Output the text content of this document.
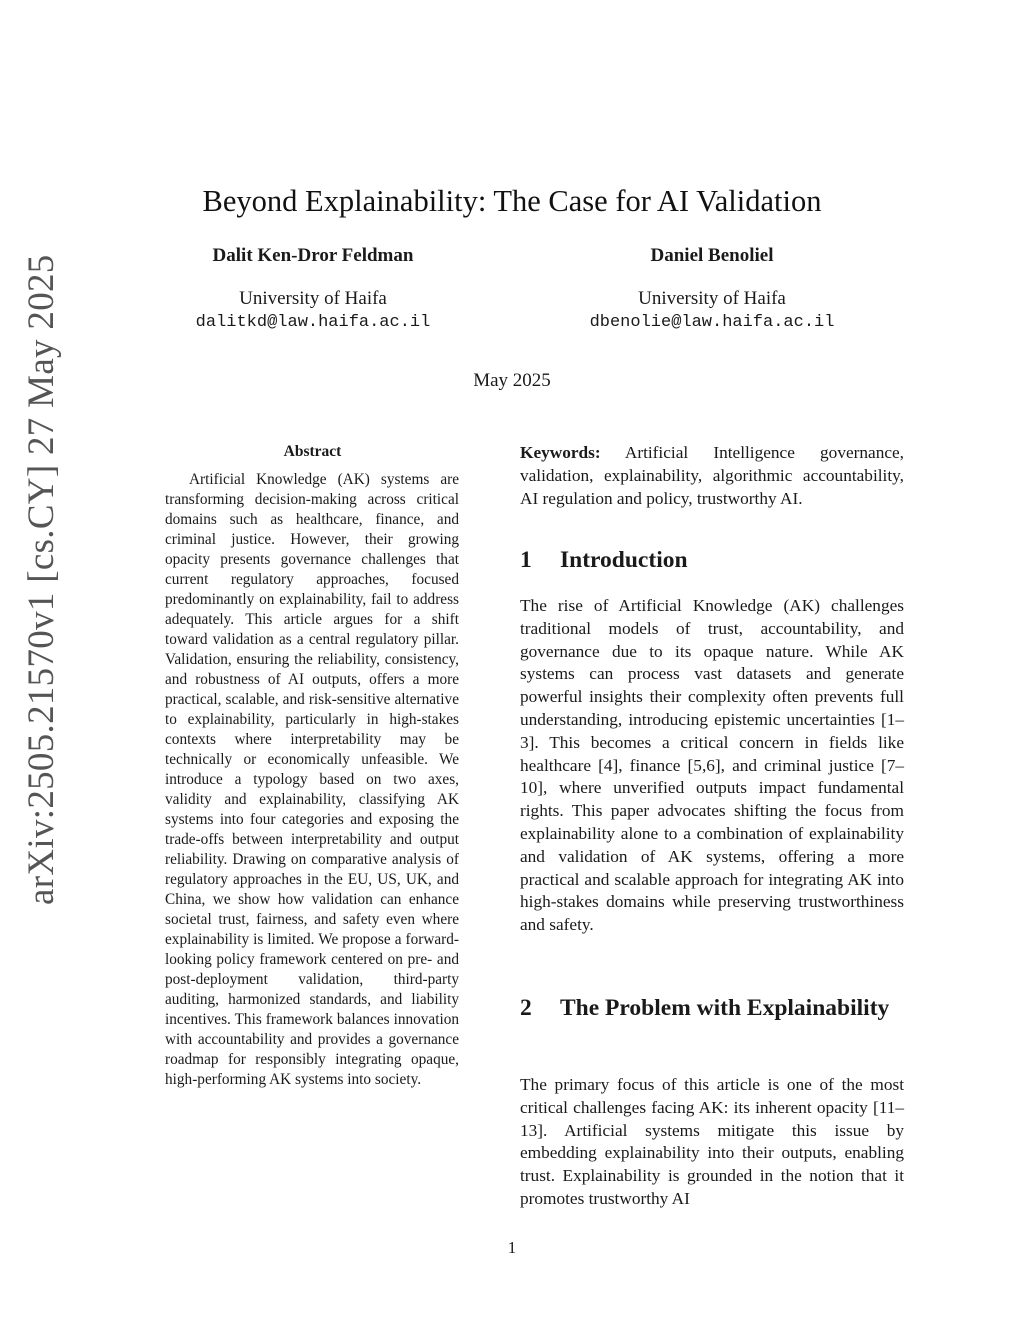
arXiv:2505.21570v1 [cs.CY] 27 May 2025
Beyond Explainability: The Case for AI Validation
Dalit Ken-Dror Feldman
University of Haifa
dalitkd@law.haifa.ac.il
Daniel Benoliel
University of Haifa
dbenolie@law.haifa.ac.il
May 2025
Abstract
Artificial Knowledge (AK) systems are transforming decision-making across critical domains such as healthcare, finance, and criminal justice. However, their growing opacity presents governance challenges that current regulatory approaches, focused predominantly on explainability, fail to address adequately. This article argues for a shift toward validation as a central regulatory pillar. Validation, ensuring the reliability, consistency, and robustness of AI outputs, offers a more practical, scalable, and risk-sensitive alternative to explainability, particularly in high-stakes contexts where interpretability may be technically or economically unfeasible. We introduce a typology based on two axes, validity and explainability, classifying AK systems into four categories and exposing the trade-offs between interpretability and output reliability. Drawing on comparative analysis of regulatory approaches in the EU, US, UK, and China, we show how validation can enhance societal trust, fairness, and safety even where explainability is limited. We propose a forward-looking policy framework centered on pre- and post-deployment validation, third-party auditing, harmonized standards, and liability incentives. This framework balances innovation with accountability and provides a governance roadmap for responsibly integrating opaque, high-performing AK systems into society.
Keywords: Artificial Intelligence governance, validation, explainability, algorithmic accountability, AI regulation and policy, trustworthy AI.
1	Introduction
The rise of Artificial Knowledge (AK) challenges traditional models of trust, accountability, and governance due to its opaque nature. While AK systems can process vast datasets and generate powerful insights their complexity often prevents full understanding, introducing epistemic uncertainties [1–3]. This becomes a critical concern in fields like healthcare [4], finance [5,6], and criminal justice [7–10], where unverified outputs impact fundamental rights. This paper advocates shifting the focus from explainability alone to a combination of explainability and validation of AK systems, offering a more practical and scalable approach for integrating AK into high-stakes domains while preserving trustworthiness and safety.
2	The Problem with Explainability
The primary focus of this article is one of the most critical challenges facing AK: its inherent opacity [11–13]. Artificial systems mitigate this issue by embedding explainability into their outputs, enabling trust. Explainability is grounded in the notion that it promotes trustworthy AI
1
